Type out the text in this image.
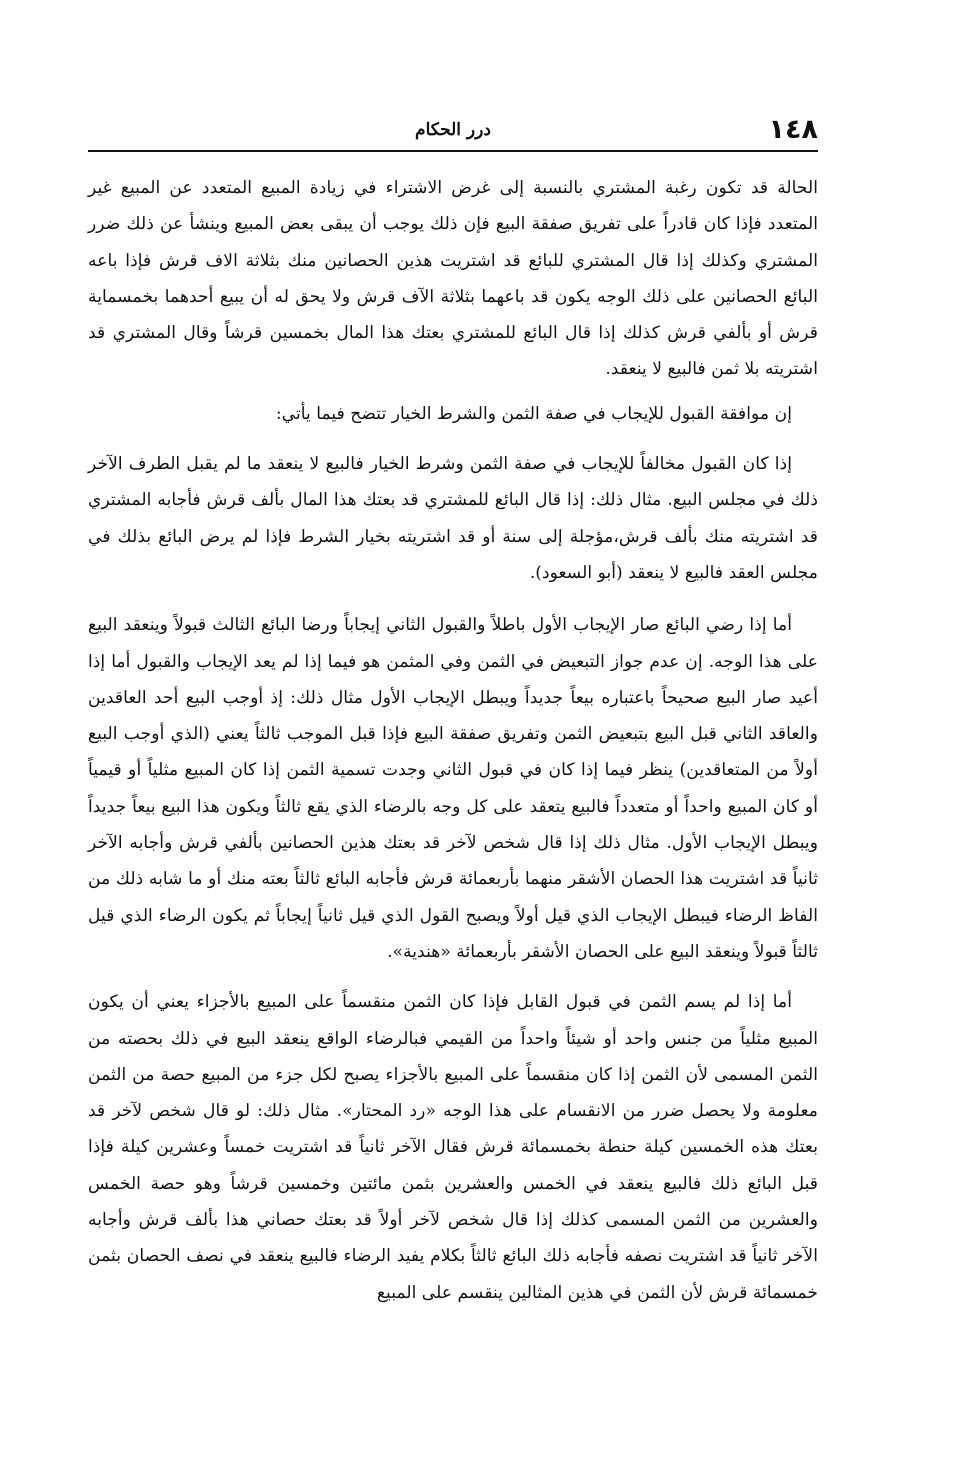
١٤٨
درر الحكام

الحالة قد تكون رغبة المشتري بالنسبة إلى غرض الاشتراء في زيادة المبيع المتعدد عن المبيع غير المتعدد فإذا كان قادراً على تفريق صفقة البيع فإن ذلك يوجب أن يبقى بعض المبيع وينشأ عن ذلك ضرر المشتري وكذلك إذا قال المشتري للبائع قد اشتريت هذين الحصانين منك بثلاثة الاف قرش فإذا باعه البائع الحصانين على ذلك الوجه يكون قد باعهما بثلاثة الآف قرش ولا يحق له أن يبيع أحدهما بخمسماية قرش أو بألفي قرش كذلك إذا قال البائع للمشتري بعتك هذا المال بخمسين قرشاً وقال المشتري قد اشتريته بلا ثمن فالبيع لا ينعقد.

إن موافقة القبول للإيجاب في صفة الثمن والشرط الخيار تتضح فيما يأتي:

إذا كان القبول مخالفاً للإيجاب في صفة الثمن وشرط الخيار فالبيع لا ينعقد ما لم يقبل الطرف الآخر ذلك في مجلس البيع. مثال ذلك: إذا قال البائع للمشتري قد بعتك هذا المال بألف قرش فأجابه المشتري قد اشتريته منك بألف قرش،مؤجلة إلى سنة أو قد اشتريته بخيار الشرط فإذا لم يرض البائع بذلك في مجلس العقد فالبيع لا ينعقد (أبو السعود).

أما إذا رضي البائع صار الإيجاب الأول باطلاً والقبول الثاني إيجاباً ورضا البائع الثالث قبولاً وينعقد البيع على هذا الوجه. إن عدم جواز التبعيض في الثمن وفي المثمن هو فيما إذا لم يعد الإيجاب والقبول أما إذا أعيد صار البيع صحيحاً باعتباره بيعاً جديداً ويبطل الإيجاب الأول مثال ذلك: إذ أوجب البيع أحد العاقدين والعاقد الثاني قبل البيع بتبعيض الثمن وتفريق صفقة البيع فإذا قبل الموجب ثالثاً يعني (الذي أوجب البيع أولاً من المتعاقدين) ينظر فيما إذا كان في قبول الثاني وجدت تسمية الثمن إذا كان المبيع مثلياً أو قيمياً أو كان المبيع واحداً أو متعدداً فالبيع يتعقد على كل وجه بالرضاء الذي يقع ثالثاً ويكون هذا البيع بيعاً جديداً ويبطل الإيجاب الأول. مثال ذلك إذا قال شخص لآخر قد بعتك هذين الحصانين بألفي قرش وأجابه الآخر ثانياً قد اشتريت هذا الحصان الأشقر منهما بأربعمائة قرش فأجابه البائع ثالثاً بعته منك أو ما شابه ذلك من الفاظ الرضاء فيبطل الإيجاب الذي قيل أولاً ويصبح القول الذي قيل ثانياً إيجاباً ثم يكون الرضاء الذي قيل ثالثاً قبولاً وينعقد البيع على الحصان الأشقر بأربعمائة «هندية».

أما إذا لم يسم الثمن في قبول القابل فإذا كان الثمن منقسماً على المبيع بالأجزاء يعني أن يكون المبيع مثلياً من جنس واحد أو شيئاً واحداً من القيمي فبالرضاء الواقع ينعقد البيع في ذلك بحصته من الثمن المسمى لأن الثمن إذا كان منقسماً على المبيع بالأجزاء يصبح لكل جزء من المبيع حصة من الثمن معلومة ولا يحصل ضرر من الانقسام على هذا الوجه «رد المحتار». مثال ذلك: لو قال شخص لآخر قد بعتك هذه الخمسين كيلة حنطة بخمسمائة قرش فقال الآخر ثانياً قد اشتريت خمساً وعشرين كيلة فإذا قبل البائع ذلك فالبيع ينعقد في الخمس والعشرين بثمن مائتين وخمسين قرشاً وهو حصة الخمس والعشرين من الثمن المسمى كذلك إذا قال شخص لآخر أولاً قد بعتك حصاني هذا بألف قرش وأجابه الآخر ثانياً قد اشتريت نصفه فأجابه ذلك البائع ثالثاً بكلام يفيد الرضاء فالبيع ينعقد في نصف الحصان بثمن خمسمائة قرش لأن الثمن في هذين المثالين ينقسم على المبيع
